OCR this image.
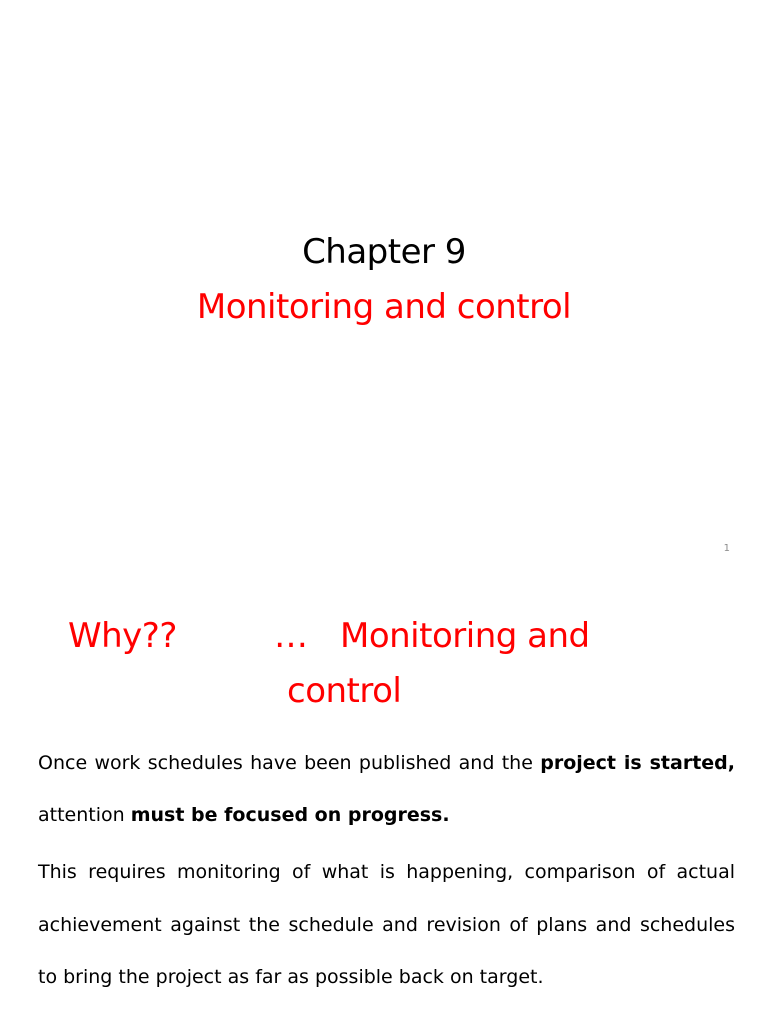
Chapter 9
Monitoring and control
1
Why??	… Monitoring and
control
Once work schedules have been published and the project is started, attention must be focused on progress.
This requires monitoring of what is happening, comparison of actual achievement against the schedule and revision of plans and schedules to bring the project as far as possible back on target.
